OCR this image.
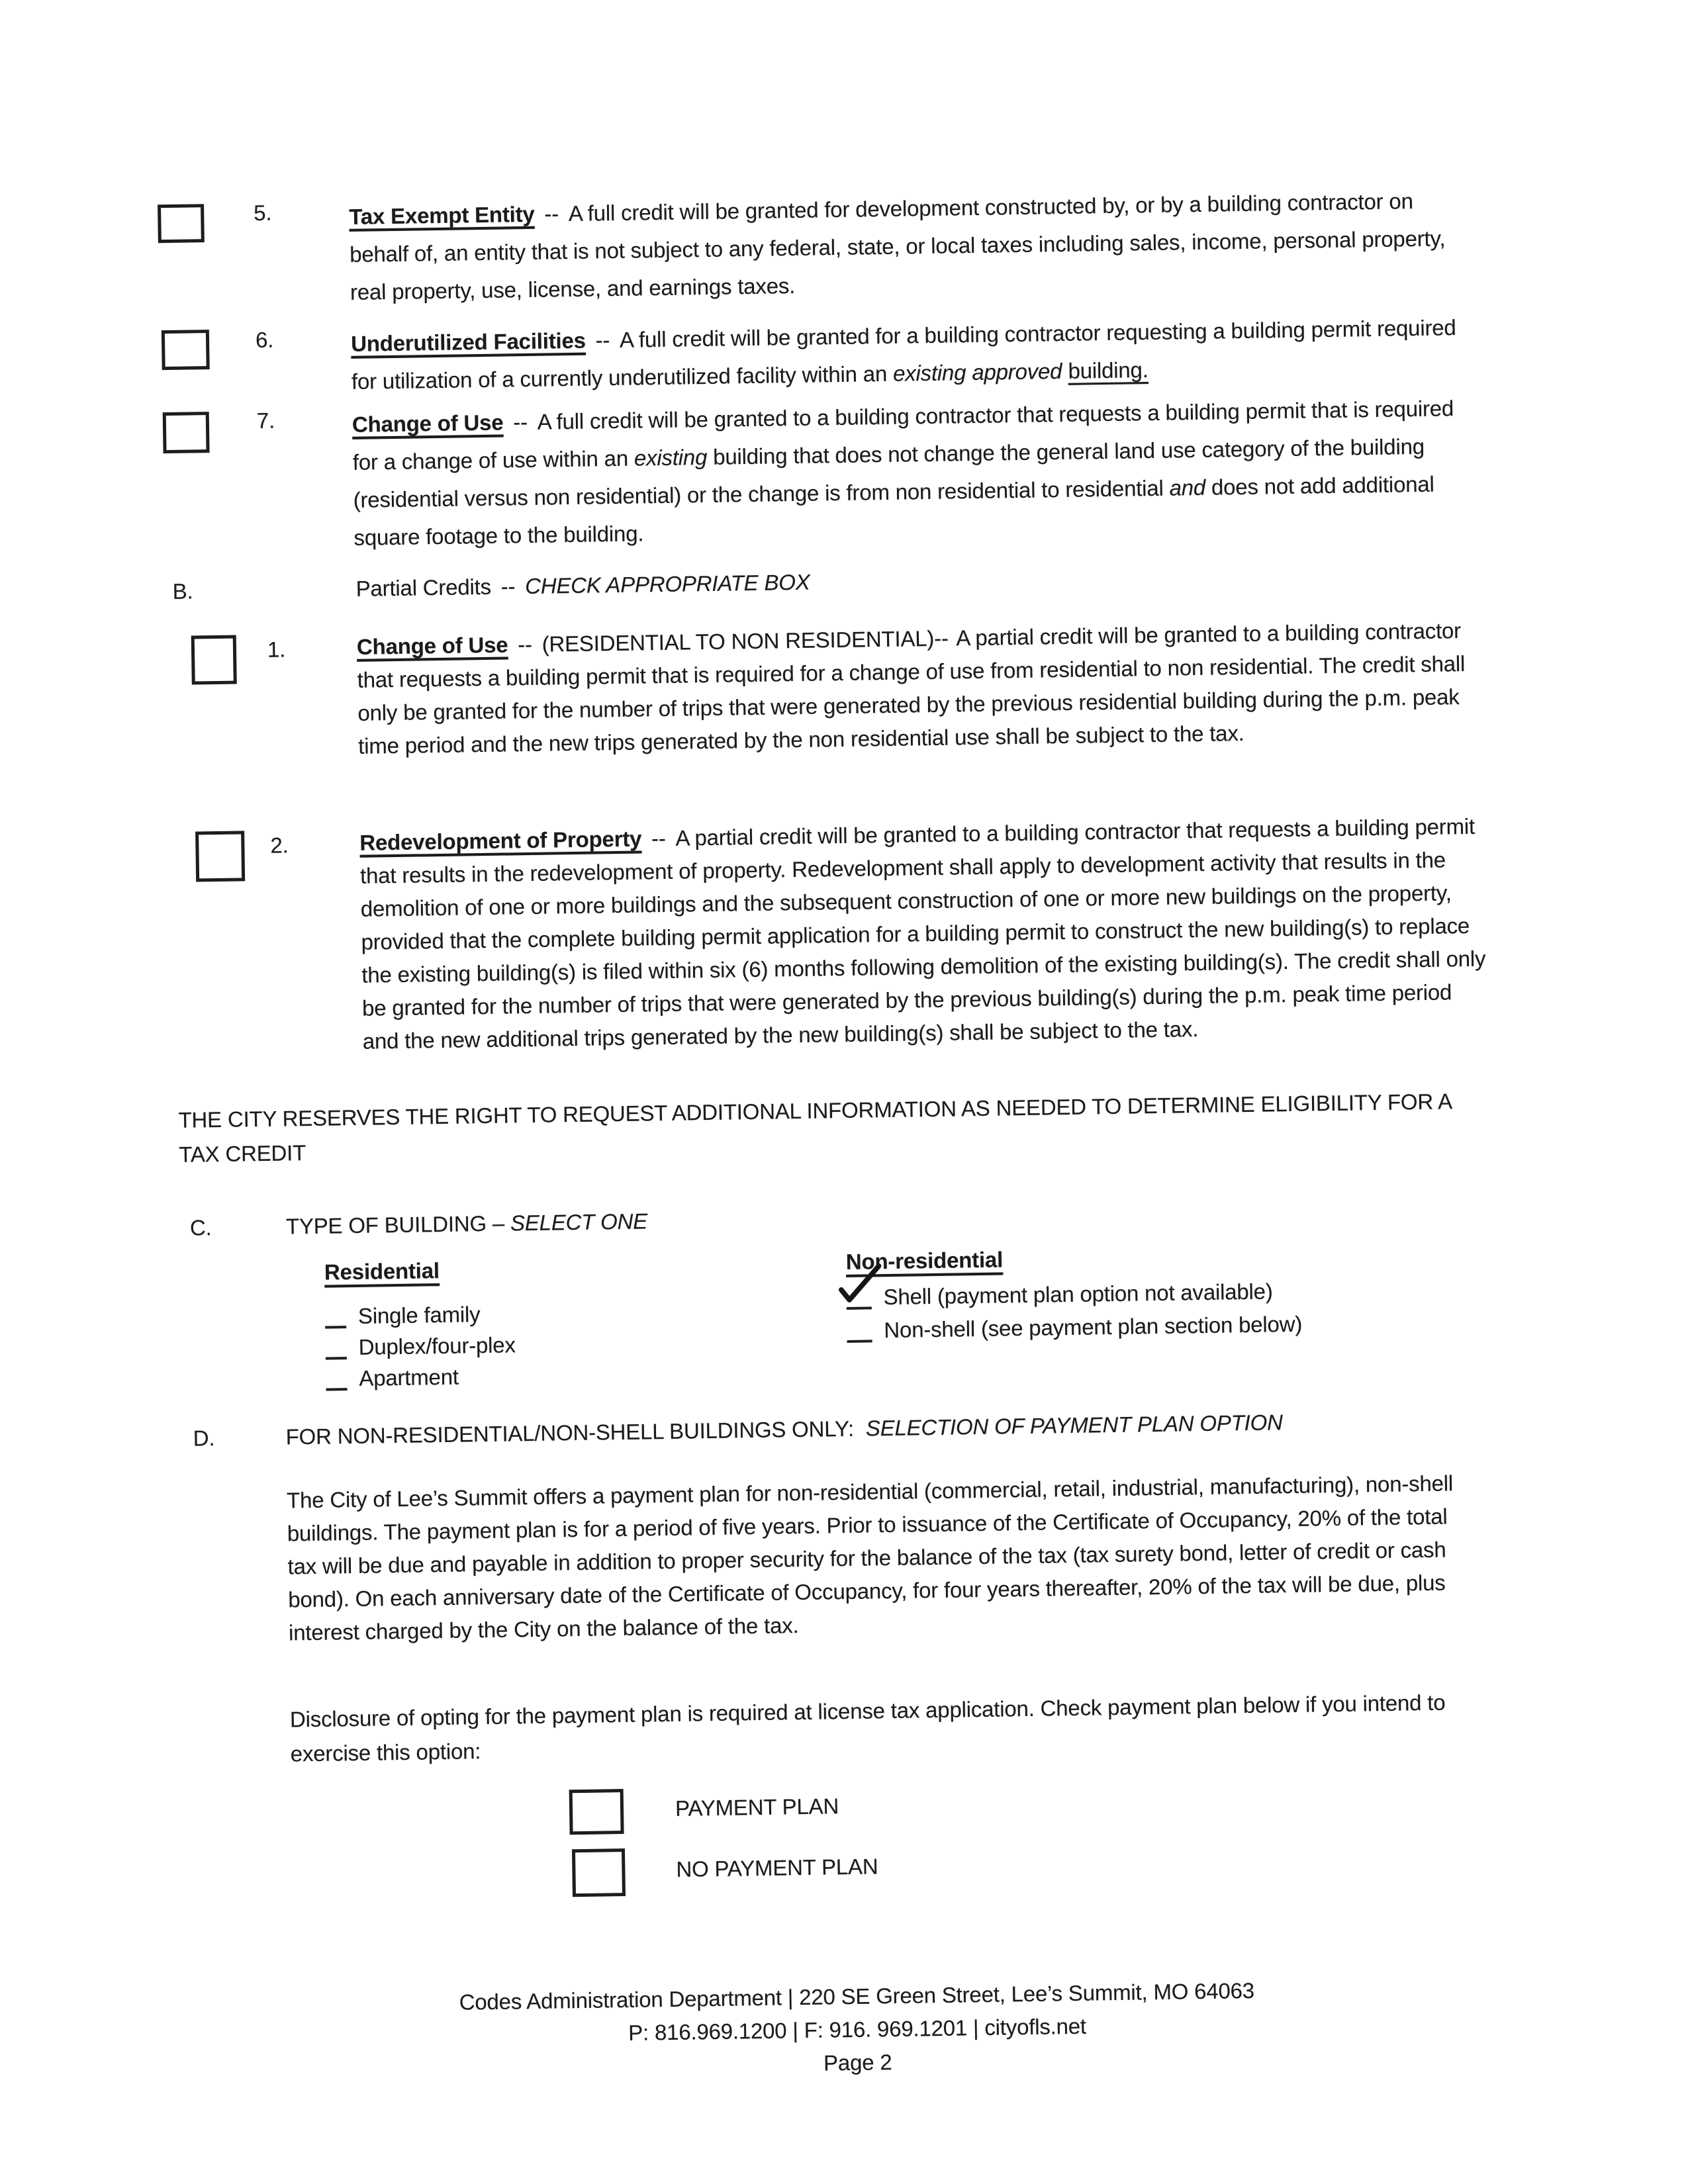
5.	Tax Exempt Entity -- A full credit will be granted for development constructed by, or by a building contractor on behalf of, an entity that is not subject to any federal, state, or local taxes including sales, income, personal property, real property, use, license, and earnings taxes.
6.	Underutilized Facilities -- A full credit will be granted for a building contractor requesting a building permit required for utilization of a currently underutilized facility within an existing approved building.
7.	Change of Use -- A full credit will be granted to a building contractor that requests a building permit that is required for a change of use within an existing building that does not change the general land use category of the building (residential versus non residential) or the change is from non residential to residential and does not add additional square footage to the building.
B.	Partial Credits -- CHECK APPROPRIATE BOX
1.	Change of Use -- (RESIDENTIAL TO NON RESIDENTIAL)-- A partial credit will be granted to a building contractor that requests a building permit that is required for a change of use from residential to non residential. The credit shall only be granted for the number of trips that were generated by the previous residential building during the p.m. peak time period and the new trips generated by the non residential use shall be subject to the tax.
2.	Redevelopment of Property -- A partial credit will be granted to a building contractor that requests a building permit that results in the redevelopment of property. Redevelopment shall apply to development activity that results in the demolition of one or more buildings and the subsequent construction of one or more new buildings on the property, provided that the complete building permit application for a building permit to construct the new building(s) to replace the existing building(s) is filed within six (6) months following demolition of the existing building(s). The credit shall only be granted for the number of trips that were generated by the previous building(s) during the p.m. peak time period and the new additional trips generated by the new building(s) shall be subject to the tax.
THE CITY RESERVES THE RIGHT TO REQUEST ADDITIONAL INFORMATION AS NEEDED TO DETERMINE ELIGIBILITY FOR A
TAX CREDIT
C.	TYPE OF BUILDING – SELECT ONE
Residential
Single family
Duplex/four-plex
Apartment
Non-residential
Shell (payment plan option not available)
Non-shell (see payment plan section below)
D.	FOR NON-RESIDENTIAL/NON-SHELL BUILDINGS ONLY: SELECTION OF PAYMENT PLAN OPTION
The City of Lee’s Summit offers a payment plan for non-residential (commercial, retail, industrial, manufacturing), non-shell buildings. The payment plan is for a period of five years. Prior to issuance of the Certificate of Occupancy, 20% of the total tax will be due and payable in addition to proper security for the balance of the tax (tax surety bond, letter of credit or cash bond). On each anniversary date of the Certificate of Occupancy, for four years thereafter, 20% of the tax will be due, plus interest charged by the City on the balance of the tax.
Disclosure of opting for the payment plan is required at license tax application. Check payment plan below if you intend to exercise this option:
PAYMENT PLAN
NO PAYMENT PLAN
Codes Administration Department | 220 SE Green Street, Lee’s Summit, MO 64063
P: 816.969.1200 | F: 916. 969.1201 | cityofls.net
Page 2
